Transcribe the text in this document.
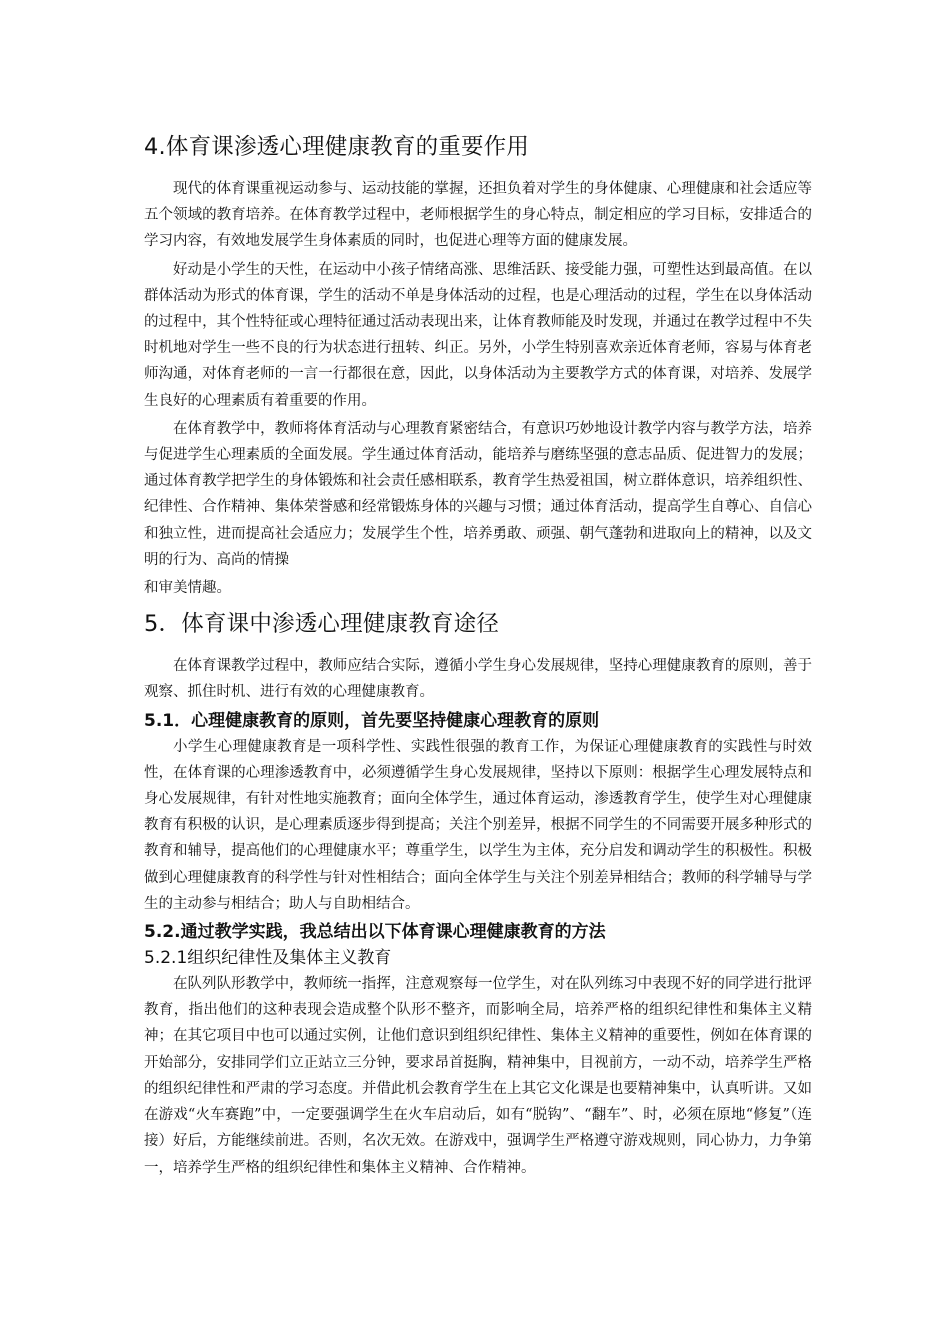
4.体育课渗透心理健康教育的重要作用

现代的体育课重视运动参与、运动技能的掌握，还担负着对学生的身体健康、心理健康和社会适应等五个领域的教育培养。在体育教学过程中，老师根据学生的身心特点，制定相应的学习目标，安排适合的学习内容，有效地发展学生身体素质的同时，也促进心理等方面的健康发展。

好动是小学生的天性，在运动中小孩子情绪高涨、思维活跃、接受能力强，可塑性达到最高值。在以群体活动为形式的体育课，学生的活动不单是身体活动的过程，也是心理活动的过程，学生在以身体活动的过程中，其个性特征或心理特征通过活动表现出来，让体育教师能及时发现，并通过在教学过程中不失时机地对学生一些不良的行为状态进行扭转、纠正。另外，小学生特别喜欢亲近体育老师，容易与体育老师沟通，对体育老师的一言一行都很在意，因此，以身体活动为主要教学方式的体育课，对培养、发展学生良好的心理素质有着重要的作用。

在体育教学中，教师将体育活动与心理教育紧密结合，有意识巧妙地设计教学内容与教学方法，培养与促进学生心理素质的全面发展。学生通过体育活动，能培养与磨练坚强的意志品质、促进智力的发展；通过体育教学把学生的身体锻炼和社会责任感相联系，教育学生热爱祖国，树立群体意识，培养组织性、纪律性、合作精神、集体荣誉感和经常锻炼身体的兴趣与习惯；通过体育活动，提高学生自尊心、自信心和独立性，进而提高社会适应力；发展学生个性，培养勇敢、顽强、朝气蓬勃和进取向上的精神，以及文明的行为、高尚的情操

和审美情趣。

5．体育课中渗透心理健康教育途径

在体育课教学过程中，教师应结合实际，遵循小学生身心发展规律，坚持心理健康教育的原则，善于观察、抓住时机、进行有效的心理健康教育。

5.1．心理健康教育的原则，首先要坚持健康心理教育的原则

小学生心理健康教育是一项科学性、实践性很强的教育工作，为保证心理健康教育的实践性与时效性，在体育课的心理渗透教育中，必须遵循学生身心发展规律，坚持以下原则：根据学生心理发展特点和身心发展规律，有针对性地实施教育；面向全体学生，通过体育运动，渗透教育学生，使学生对心理健康教育有积极的认识，是心理素质逐步得到提高；关注个别差异，根据不同学生的不同需要开展多种形式的教育和辅导，提高他们的心理健康水平；尊重学生，以学生为主体，充分启发和调动学生的积极性。积极做到心理健康教育的科学性与针对性相结合；面向全体学生与关注个别差异相结合；教师的科学辅导与学生的主动参与相结合；助人与自助相结合。

5.2.通过教学实践，我总结出以下体育课心理健康教育的方法
5.2.1组织纪律性及集体主义教育

在队列队形教学中，教师统一指挥，注意观察每一位学生，对在队列练习中表现不好的同学进行批评教育，指出他们的这种表现会造成整个队形不整齐，而影响全局，培养严格的组织纪律性和集体主义精神；在其它项目中也可以通过实例，让他们意识到组织纪律性、集体主义精神的重要性，例如在体育课的开始部分，安排同学们立正站立三分钟，要求昂首挺胸，精神集中，目视前方，一动不动，培养学生严格的组织纪律性和严肃的学习态度。并借此机会教育学生在上其它文化课是也要精神集中，认真听讲。又如在游戏“火车赛跑”中，一定要强调学生在火车启动后，如有“脱钩”、“翻车”、时，必须在原地“修复”（连接）好后，方能继续前进。否则，名次无效。在游戏中，强调学生严格遵守游戏规则，同心协力，力争第一，培养学生严格的组织纪律性和集体主义精神、合作精神。
